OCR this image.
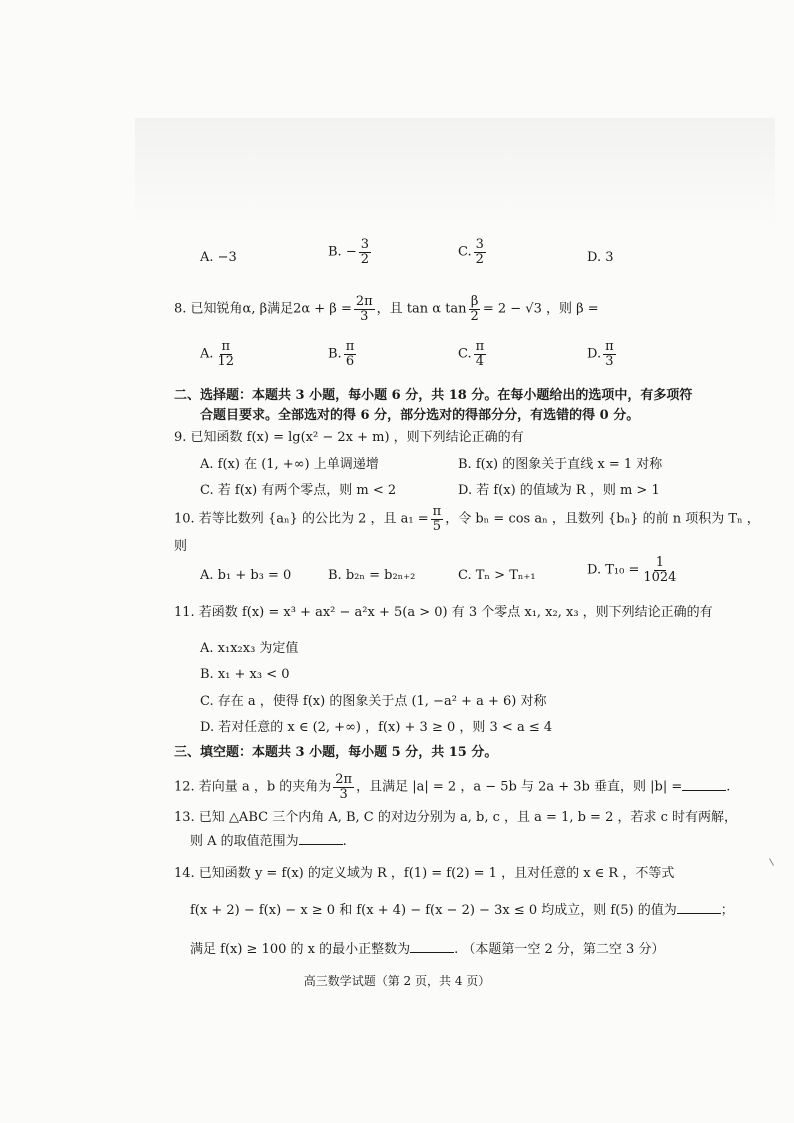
A. −3	B. − $\frac{3}{2}$	C. $\frac{3}{2}$	D. 3
8. 已知锐角α, β满足$2\alpha + \beta = \frac{2\pi}{3}$ ，且 tan α $\tan \frac{\beta}{2} = 2 - √3$ ，则 β =
A. $\frac{\pi}{12}$	B. $\frac{\pi}{6}$	C. $\frac{\pi}{4}$	D. $\frac{\pi}{3}$
二、选择题：本题共 3 小题，每小题 6 分，共 18 分。在每小题给出的选项中，有多项符
合题目要求。全部选对的得 6 分，部分选对的得部分分，有选错的得 0 分。
9. 已知函数 f(x) = lg(x² − 2x + m) ，则下列结论正确的有
A. f(x) 在 (1, +∞) 上单调递增	B. f(x) 的图象关于直线 x = 1 对称
C. 若 f(x) 有两个零点，则 m < 2	D. 若 f(x) 的值域为 R ，则 m > 1
10. 若等比数列 {aₙ} 的公比为 2 ，且 $a_1 = \frac{\pi}{5}$ ，令 bₙ = cos aₙ ，且数列 {bₙ} 的前 n 项积为 Tₙ ，
则
A. b₁ + b₃ = 0	B. b₂ₙ = b₂ₙ₊₂	C. Tₙ > Tₙ₊₁	D. $T_{10} = \frac{1}{1024}$
11. 若函数 f(x) = x³ + ax² − a²x + 5(a > 0) 有 3 个零点 x₁, x₂, x₃ ，则下列结论正确的有
A. x₁x₂x₃ 为定值
B. x₁ + x₃ < 0
C. 存在 a ，使得 f(x) 的图象关于点 (1, −a² + a + 6) 对称
D. 若对任意的 x ∈ (2, +∞) ，f(x) + 3 ≥ 0 ，则 3 < a ≤ 4
三、填空题：本题共 3 小题，每小题 5 分，共 15 分。
12. 若向量 a ，b 的夹角为 $\frac{2\pi}{3}$ ，且满足 |a| = 2 ，a − 5b 与 2a + 3b 垂直，则 |b| =	.
13. 已知 △ABC 三个内角 A, B, C 的对边分别为 a, b, c ，且 a = 1, b = 2 ，若求 c 时有两解，
则 A 的取值范围为	.
14. 已知函数 y = f(x) 的定义域为 R ，f(1) = f(2) = 1 ，且对任意的 x ∈ R ，不等式
f(x + 2) − f(x) − x ≥ 0 和 f(x + 4) − f(x − 2) − 3x ≤ 0 均成立，则 f(5) 的值为	；
满足 f(x) ≥ 100 的 x 的最小正整数为	. （本题第一空 2 分，第二空 3 分）
高三数学试题（第 2 页，共 4 页）
